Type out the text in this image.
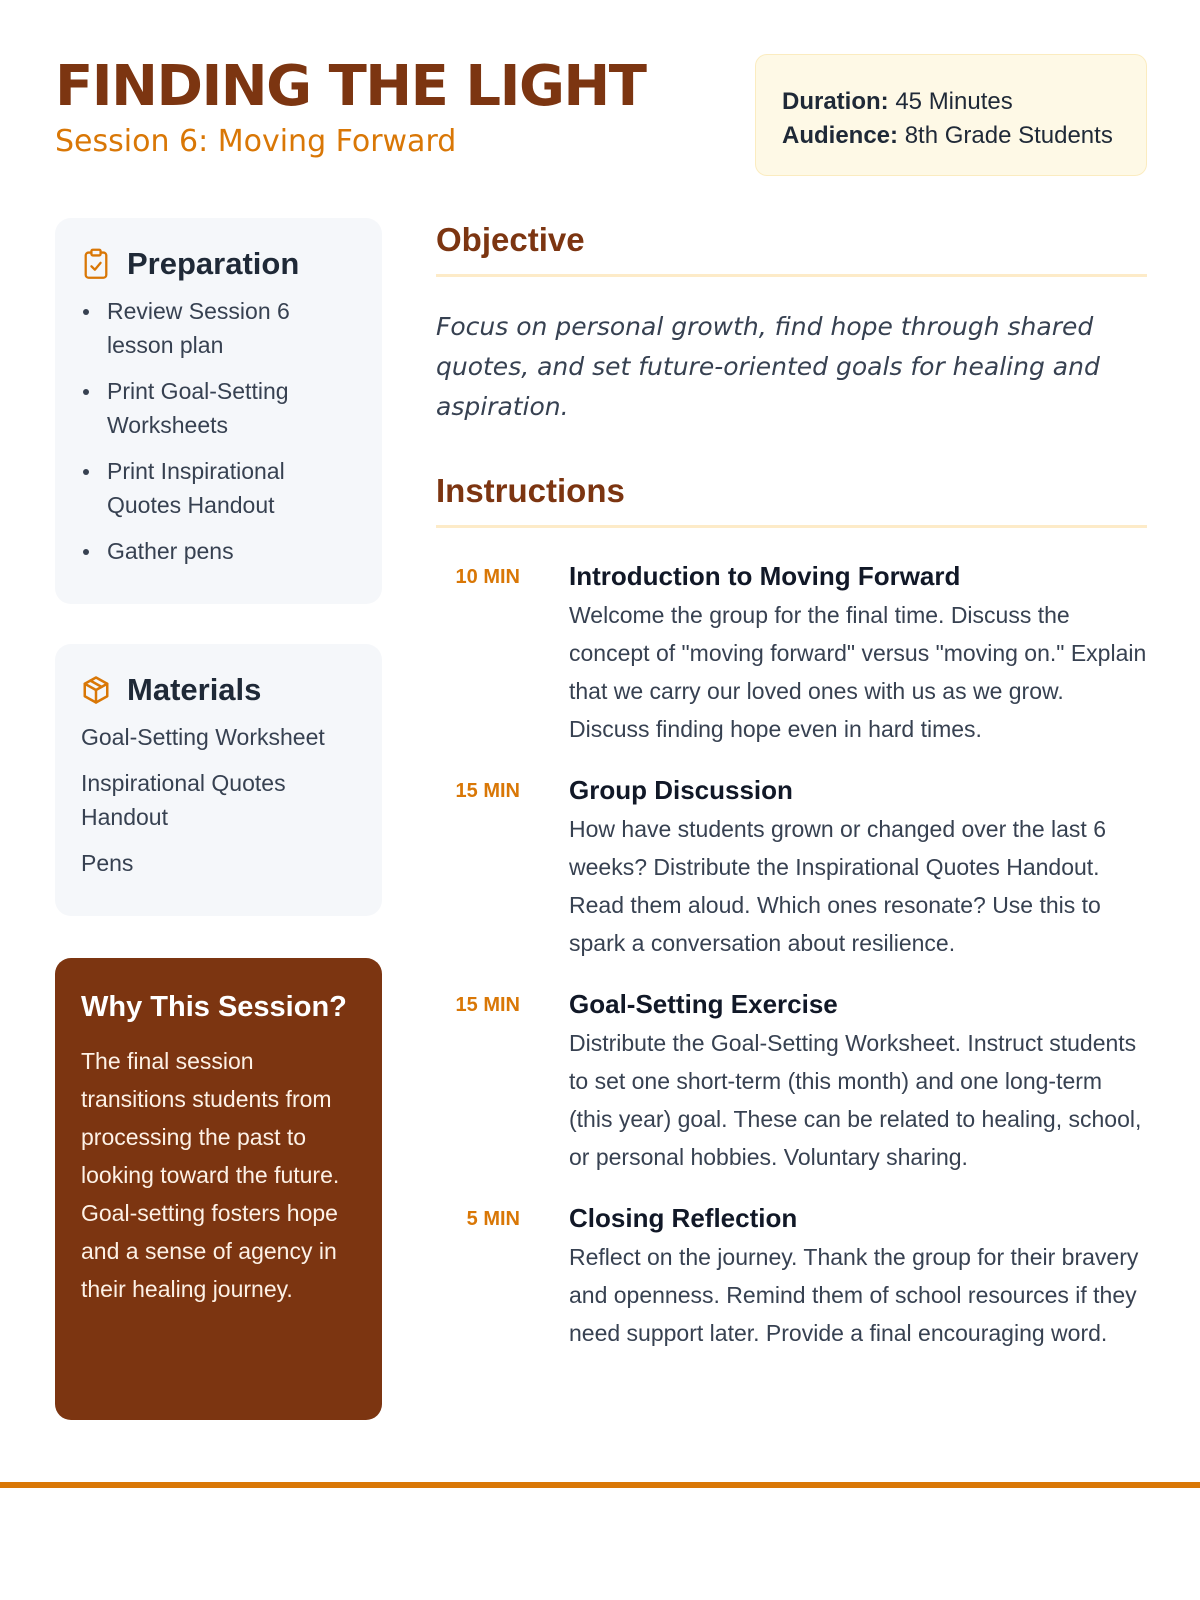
FINDING THE LIGHT
Session 6: Moving Forward
Duration: 45 Minutes
Audience: 8th Grade Students
Preparation
Review Session 6 lesson plan
Print Goal-Setting Worksheets
Print Inspirational Quotes Handout
Gather pens
Materials
Goal-Setting Worksheet
Inspirational Quotes Handout
Pens
Why This Session?
The final session transitions students from processing the past to looking toward the future. Goal-setting fosters hope and a sense of agency in their healing journey.
Objective
Focus on personal growth, find hope through shared quotes, and set future-oriented goals for healing and aspiration.
Instructions
10 MIN	Introduction to Moving Forward
Welcome the group for the final time. Discuss the concept of "moving forward" versus "moving on." Explain that we carry our loved ones with us as we grow. Discuss finding hope even in hard times.
15 MIN	Group Discussion
How have students grown or changed over the last 6 weeks? Distribute the Inspirational Quotes Handout. Read them aloud. Which ones resonate? Use this to spark a conversation about resilience.
15 MIN	Goal-Setting Exercise
Distribute the Goal-Setting Worksheet. Instruct students to set one short-term (this month) and one long-term (this year) goal. These can be related to healing, school, or personal hobbies. Voluntary sharing.
5 MIN	Closing Reflection
Reflect on the journey. Thank the group for their bravery and openness. Remind them of school resources if they need support later. Provide a final encouraging word.
